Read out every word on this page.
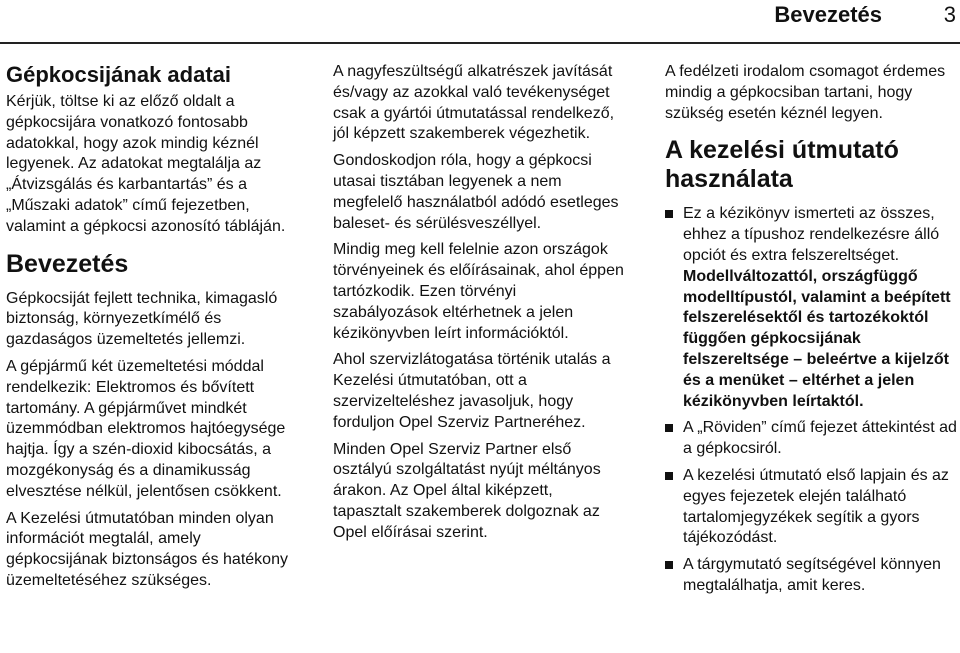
Bevezetés	3
Gépkocsijának adatai

Kérjük, töltse ki az előző oldalt a gépkocsijára vonatkozó fontosabb adatokkal, hogy azok mindig kéznél legyenek. Az adatokat megtalálja az „Átvizsgálás és karbantartás” és a „Műszaki adatok” című fejezetben, valamint a gépkocsi azonosító tábláján.

Bevezetés

Gépkocsiját fejlett technika, kimagasló biztonság, környezetkímélő és gazdaságos üzemeltetés jellemzi.

A gépjármű két üzemeltetési móddal rendelkezik: Elektromos és bővített tartomány. A gépjárművet mindkét üzemmódban elektromos hajtóegysége hajtja. Így a szén-dioxid kibocsátás, a mozgékonyság és a dinamikusság elvesztése nélkül, jelentősen csökkent.

A Kezelési útmutatóban minden olyan információt megtalál, amely gépkocsijának biztonságos és hatékony üzemeltetéséhez szükséges.

A nagyfeszültségű alkatrészek javítását és/vagy az azokkal való tevékenységet csak a gyártói útmutatással rendelkező, jól képzett szakemberek végezhetik.

Gondoskodjon róla, hogy a gépkocsi utasai tisztában legyenek a nem megfelelő használatból adódó esetleges baleset- és sérülésveszéllyel.

Mindig meg kell felelnie azon országok törvényeinek és előírásainak, ahol éppen tartózkodik. Ezen törvényi szabályozások eltérhetnek a jelen kézikönyvben leírt információktól.

Ahol szervizlátogatása történik utalás a Kezelési útmutatóban, ott a szervizelteléshez javasoljuk, hogy forduljon Opel Szerviz Partneréhez.

Minden Opel Szerviz Partner első osztályú szolgáltatást nyújt méltányos árakon. Az Opel által kiképzett, tapasztalt szakemberek dolgoznak az Opel előírásai szerint.

A fedélzeti irodalom csomagot érdemes mindig a gépkocsiban tartani, hogy szükség esetén kéznél legyen.

A kezelési útmutató használata
Ez a kézikönyv ismerteti az összes, ehhez a típushoz rendelkezésre álló opciót és extra felszereltséget. Modellváltozattól, országfüggő modelltípustól, valamint a beépített felszerelésektől és tartozékoktól függően gépkocsijának felszereltsége – beleértve a kijelzőt és a menüket – eltérhet a jelen kézikönyvben leírtaktól.
A „Röviden” című fejezet áttekintést ad a gépkocsiról.
A kezelési útmutató első lapjain és az egyes fejezetek elején található tartalomjegyzékek segítik a gyors tájékozódást.
A tárgymutató segítségével könnyen megtalálhatja, amit keres.
